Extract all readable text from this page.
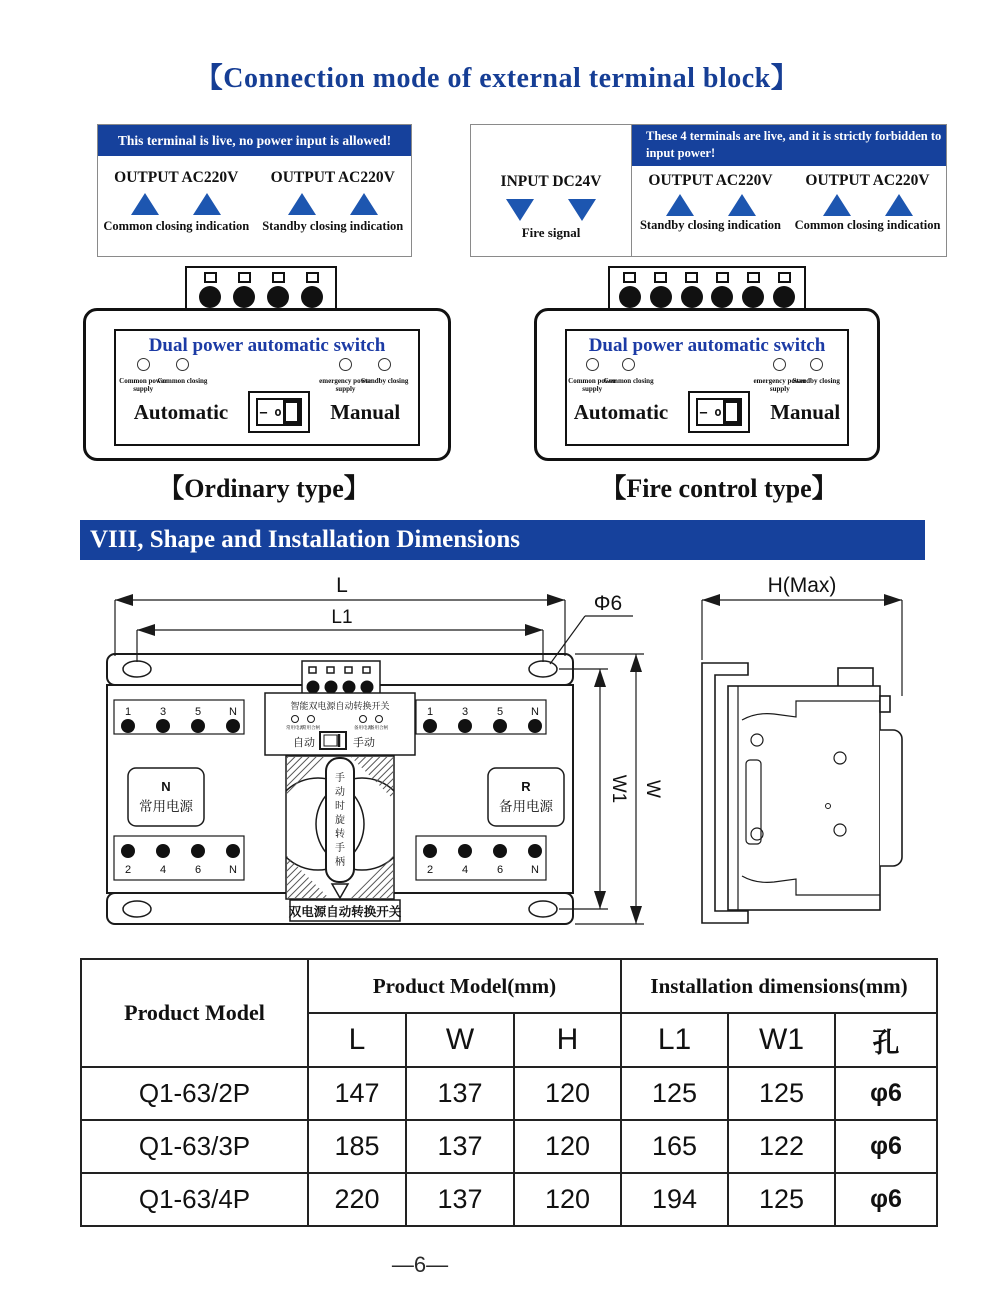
【Connection mode of external terminal block】
This terminal is live, no power input is allowed!
OUTPUT AC220V
Common closing indication
OUTPUT AC220V
Standby closing indication
INPUT DC24V
Fire signal
These 4 terminals are live, and it is strictly forbidden to input power!
OUTPUT AC220V
Standby closing indication
OUTPUT AC220V
Common closing indication
Dual power automatic switch
Common power supply
Common closing	emergency power supply
Standby closing
Automatic	— o Manual
Dual power automatic switch
Common power supply
Common closing	emergency power supply
Standby closing
Automatic	— o Manual
【Ordinary type】	【Fire control type】
VIII, Shape and Installation Dimensions
L
L1
Φ6
W1 W
H(Max)
1	3	5	N	1	3	5	N
2	4	6	N	2	4	6	N
智能双电源自动转换开关
常用电源
常用合闸	备用电源
备用合闸
自动	手动
N
常用电源
R
备用电源
手
动
时
旋
转
手
柄
双电源自动转换开关
Product Model	Product Model(mm)			Installation dimensions(mm)		
	L	W	H	L1	W1	孔
Q1-63/2P	147	137	120	125	125	φ6
Q1-63/3P	185	137	120	165	122	φ6
Q1-63/4P	220	137	120	194	125	φ6
—6—
